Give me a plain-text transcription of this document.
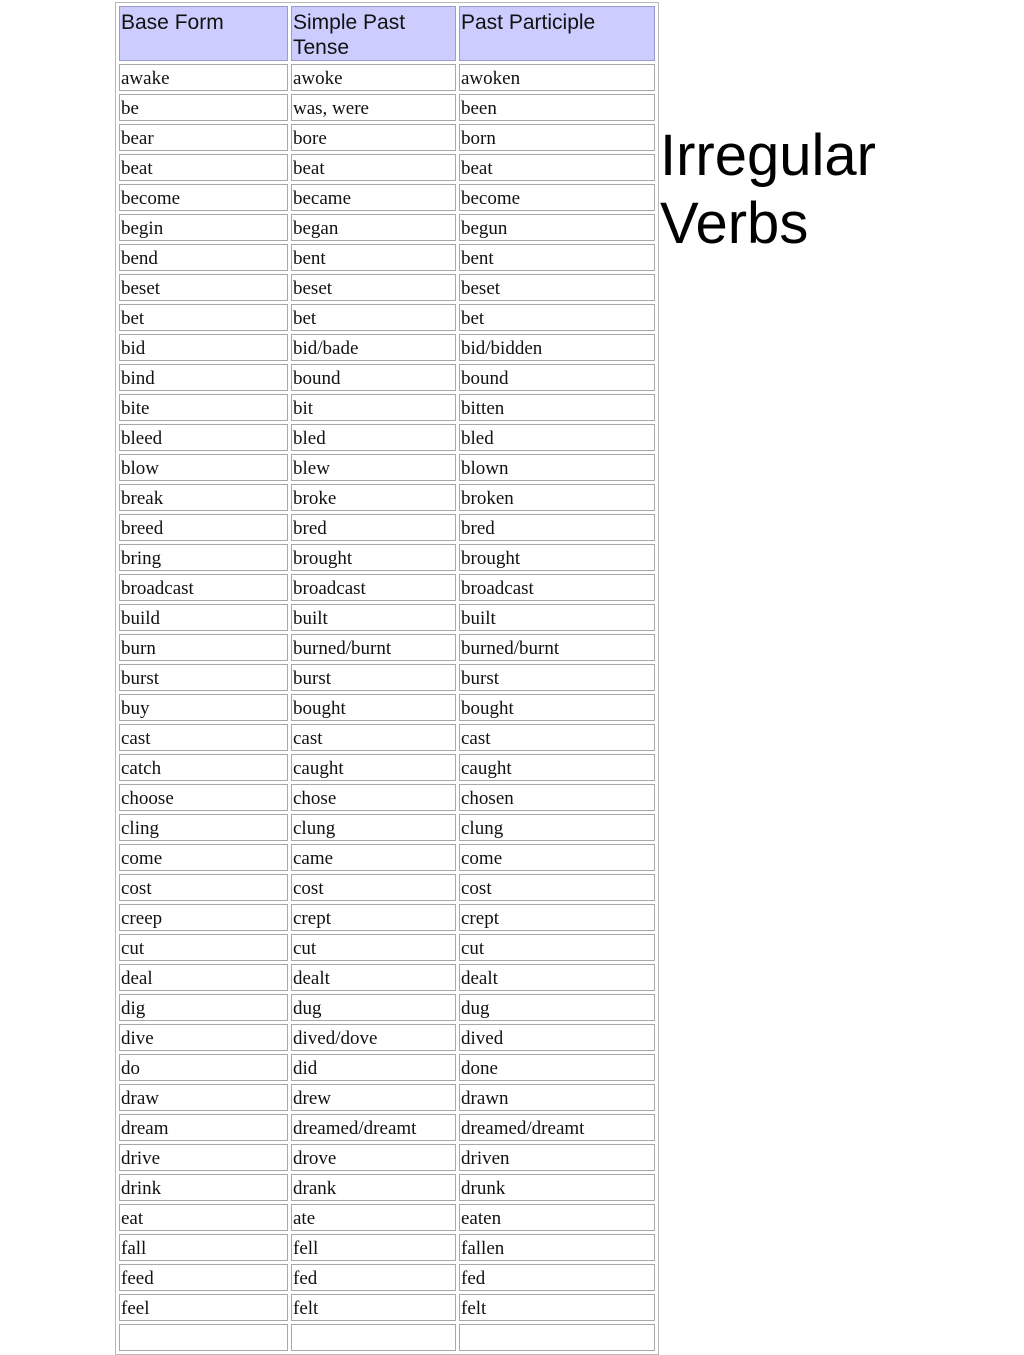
Base Form	Simple Past Tense	Past Participle
awake	awoke	awoken
be	was, were	been
bear	bore	born
beat	beat	beat
become	became	become
begin	began	begun
bend	bent	bent
beset	beset	beset
bet	bet	bet
bid	bid/bade	bid/bidden
bind	bound	bound
bite	bit	bitten
bleed	bled	bled
blow	blew	blown
break	broke	broken
breed	bred	bred
bring	brought	brought
broadcast	broadcast	broadcast
build	built	built
burn	burned/burnt	burned/burnt
burst	burst	burst
buy	bought	bought
cast	cast	cast
catch	caught	caught
choose	chose	chosen
cling	clung	clung
come	came	come
cost	cost	cost
creep	crept	crept
cut	cut	cut
deal	dealt	dealt
dig	dug	dug
dive	dived/dove	dived
do	did	done
draw	drew	drawn
dream	dreamed/dreamt	dreamed/dreamt
drive	drove	driven
drink	drank	drunk
eat	ate	eaten
fall	fell	fallen
feed	fed	fed
feel	felt	felt

Irregular
Verbs
